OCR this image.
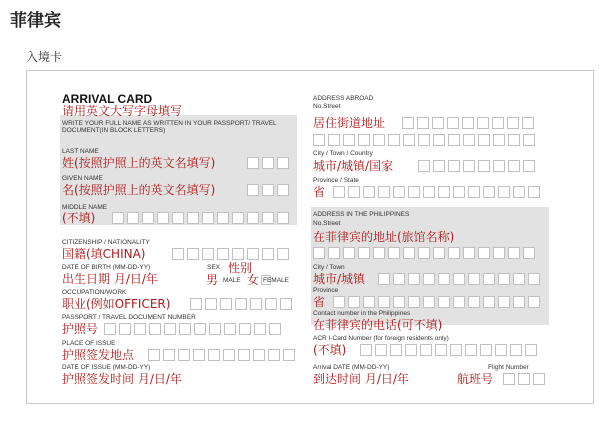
菲律宾
入境卡
ARRIVAL CARD
请用英文大写字母填写
WRITE YOUR FULL NAME AS WRITTEN IN YOUR PASSPORT/ TRAVEL DOCUMENT(IN BLOCK LETTERS)
LAST NAME
姓(按照护照上的英文名填写)
GIVEN NAME
名(按照护照上的英文名填写)
MIDDLE NAME
(不填)
CITIZENSHIP / NATIONALITY
国籍(填CHINA)
DATE OF BIRTH (MM-DD-YY)
出生日期 月/日/年
SEX 性别
男 MALE 女 FEMALE
OCCUPATION/WORK
职业(例如OFFICER)
PASSPORT / TRAVEL DOCUMENT NUMBER
护照号
PLACE OF ISSUE
护照签发地点
DATE OF ISSUE (MM-DD-YY)
护照签发时间 月/日/年
ADDRESS ABROAD
No.Street
居住街道地址
City / Town / Country
城市/城镇/国家
Province / State
省
ADDRESS IN THE PHILIPPINES
No.Street
在菲律宾的地址(旅馆名称)
City / Town
城市/城镇
Province
省
Contact number in the Philippines
在菲律宾的电话(可不填)
ACR I-Card Number (for foreign residents only)
(不填)
Arrival DATE (MM-DD-YY)
到达时间 月/日/年
Flight Number
航班号
